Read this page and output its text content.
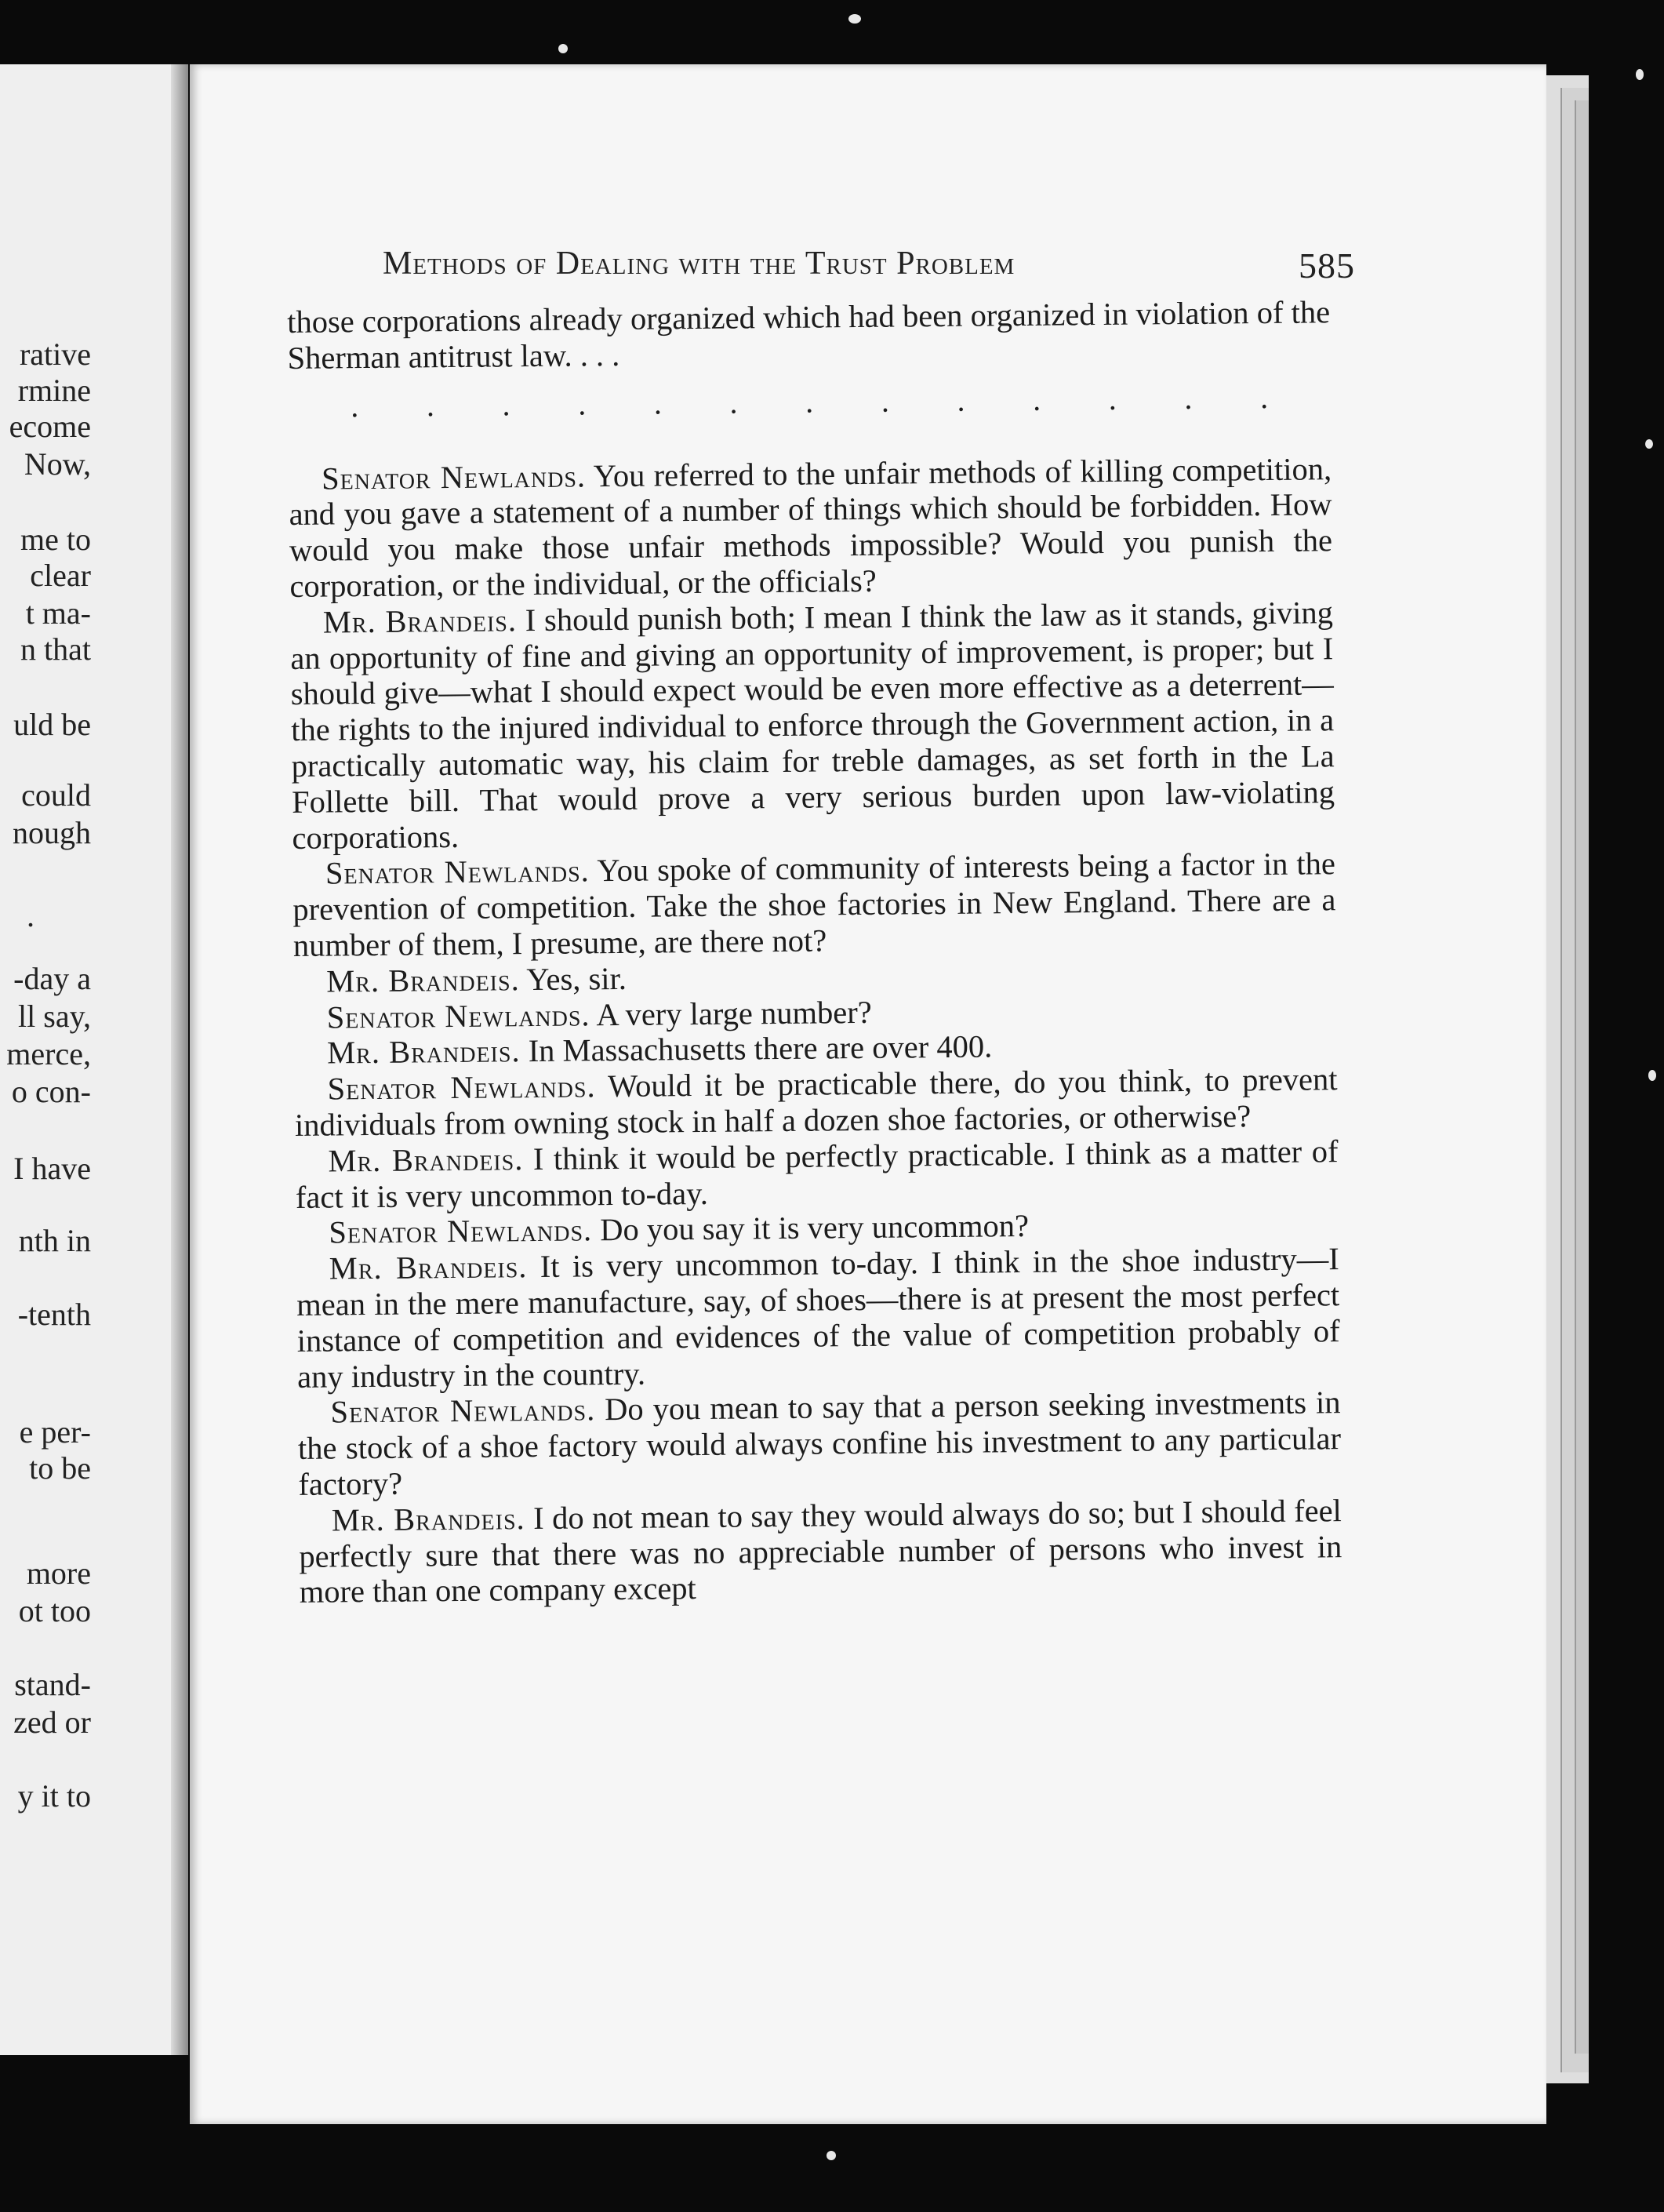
rative
rmine
ecome
Now,
me to
clear
t ma-
n that
uld be
could
nough
.
-day a
ll say,
merce,
o con-
I have
nth in
-tenth
e per-
to be
more
ot too
stand-
zed or
y it to
Methods of Dealing with the Trust Problem	585

those corporations already organized which had been organized in violation of the Sherman antitrust law. . . .

. . . . . . . . . . . . .

Senator Newlands. You referred to the unfair methods of killing competition, and you gave a statement of a number of things which should be forbidden. How would you make those unfair methods impossible? Would you punish the corporation, or the individual, or the officials?

Mr. Brandeis. I should punish both; I mean I think the law as it stands, giving an opportunity of fine and giving an opportunity of improvement, is proper; but I should give—what I should expect would be even more effective as a deterrent—the rights to the injured individual to enforce through the Government action, in a practically automatic way, his claim for treble damages, as set forth in the La Follette bill. That would prove a very serious burden upon law-violating corporations.

Senator Newlands. You spoke of community of interests being a factor in the prevention of competition. Take the shoe factories in New England. There are a number of them, I presume, are there not?

Mr. Brandeis. Yes, sir.

Senator Newlands. A very large number?

Mr. Brandeis. In Massachusetts there are over 400.

Senator Newlands. Would it be practicable there, do you think, to prevent individuals from owning stock in half a dozen shoe factories, or otherwise?

Mr. Brandeis. I think it would be perfectly practicable. I think as a matter of fact it is very uncommon to-day.

Senator Newlands. Do you say it is very uncommon?

Mr. Brandeis. It is very uncommon to-day. I think in the shoe industry—I mean in the mere manufacture, say, of shoes—there is at present the most perfect instance of competition and evidences of the value of competition probably of any industry in the country.

Senator Newlands. Do you mean to say that a person seeking investments in the stock of a shoe factory would always confine his investment to any particular factory?

Mr. Brandeis. I do not mean to say they would always do so; but I should feel perfectly sure that there was no appreciable number of persons who invest in more than one company except
